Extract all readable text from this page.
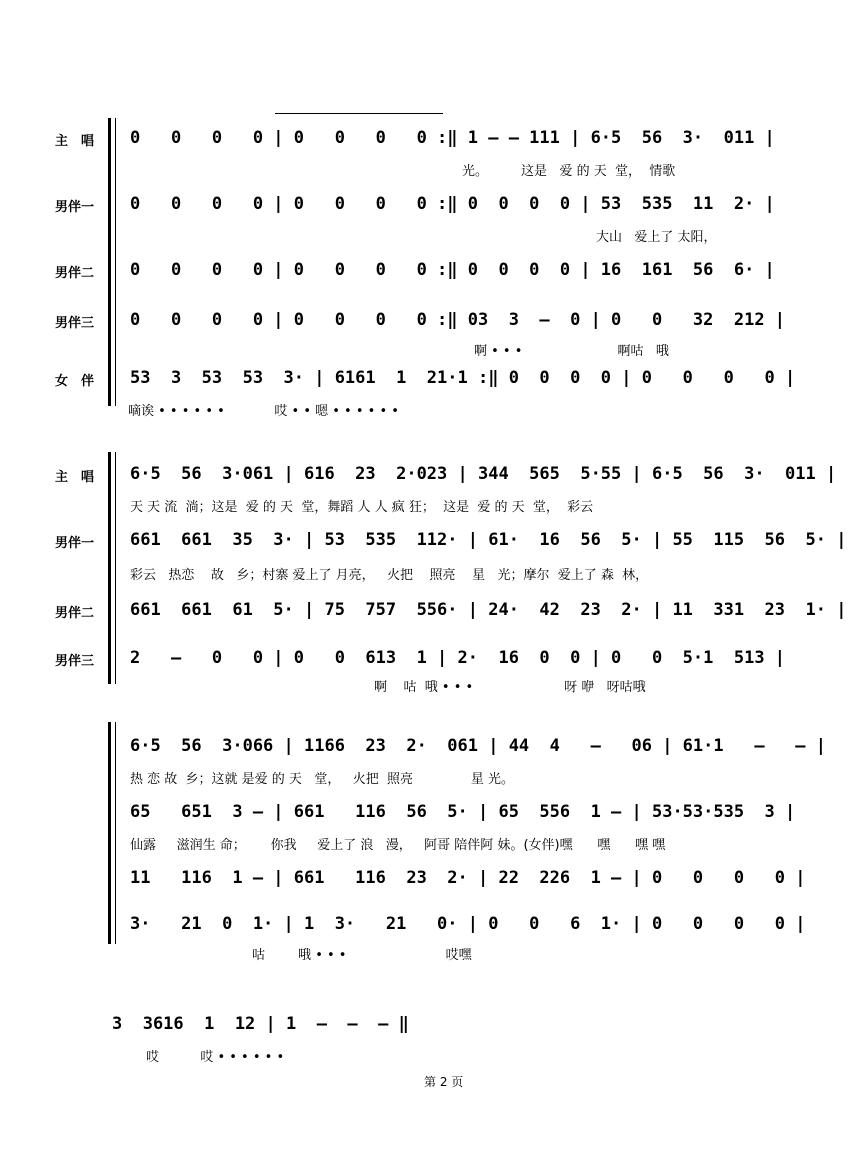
主　唱 0   0   0   0 | 0   0   0   0 :‖ 1 – – 111 | 6·5  56  3·  011 |
光。        这是   爱 的 天  堂，  情歌
男伴一 0   0   0   0 | 0   0   0   0 :‖ 0  0  0  0 | 53  535  11  2· |
大山   爱上了 太阳，
男伴二 0   0   0   0 | 0   0   0   0 :‖ 0  0  0  0 | 16  161  56  6· |
男伴三 0   0   0   0 | 0   0   0   0 :‖ 03  3  –  0 | 0   0   32  212 |
啊 • • •                       啊咕   哦
女　伴 53  3  53  53  3· | 6161  1  21·1 :‖ 0  0  0  0 | 0   0   0   0 |
嘀诶 • • • • • •            哎 • • 嗯 • • • • • •
主　唱 6·5  56  3·061 | 616  23  2·023 | 344  565  5·55 | 6·5  56  3·  011 |
天 天 流  淌；这是  爱 的 天  堂，舞蹈 人 人 疯 狂；  这是  爱 的 天  堂，  彩云
男伴一 661  661  35  3· | 53  535  112· | 61·  16  56  5· | 55  115  56  5· |
彩云   热恋    故   乡；村寨 爱上了 月亮，   火把    照亮    星   光；摩尔  爱上了 森  林，
男伴二 661  661  61  5· | 75  757  556· | 24·  42  23  2· | 11  331  23  1· |
男伴三 2   –   0   0 | 0   0  613  1 | 2·  16  0  0 | 0   0  5·1  513 |
啊    咕  哦 • • •                      呀 咿   呀咕哦
6·5  56  3·066 | 1166  23  2·  061 | 44  4   –   06 | 61·1   –   – |
热 恋 故  乡；这就 是爱 的 天   堂，   火把  照亮              星 光。
65   651  3 – | 661   116  56  5· | 65  556  1 – | 53·53·535  3 |
仙露     滋润生 命；      你我     爱上了 浪   漫，   阿哥 陪伴阿 妹。(女伴)嘿      嘿      嘿 嘿
11   116  1 – | 661   116  23  2· | 22  226  1 – | 0   0   0   0 |
3·   21  0  1· | 1  3·   21   0· | 0   0   6  1· | 0   0   0   0 |
咕        哦 • • •                        哎嘿
3  3616  1  12 | 1  –  –  – ‖
哎          哎 • • • • • •
第 2 页
